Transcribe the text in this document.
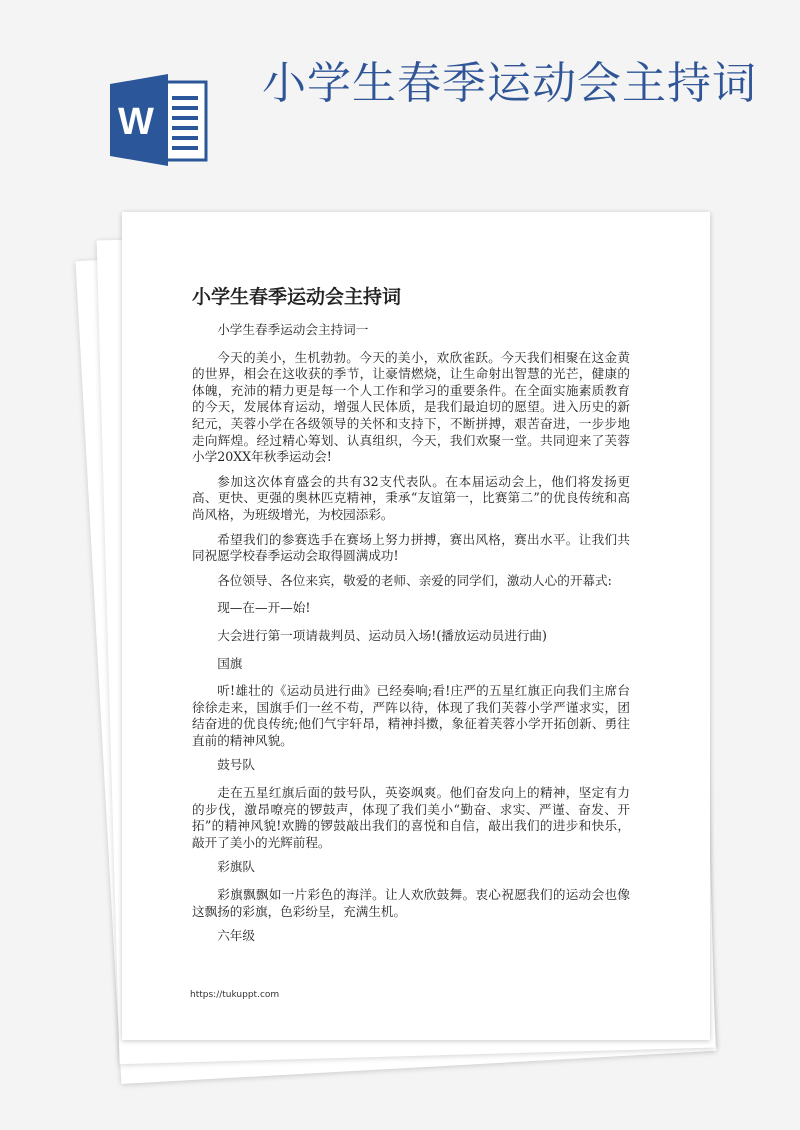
W
小学生春季运动会主持词
小学生春季运动会主持词

小学生春季运动会主持词一

今天的美小，生机勃勃。今天的美小，欢欣雀跃。今天我们相聚在这金黄的世界，相会在这收获的季节，让豪情燃烧，让生命射出智慧的光芒，健康的体魄，充沛的精力更是每一个人工作和学习的重要条件。在全面实施素质教育的今天，发展体育运动，增强人民体质，是我们最迫切的愿望。进入历史的新纪元，芙蓉小学在各级领导的关怀和支持下，不断拼搏，艰苦奋进，一步步地走向辉煌。经过精心筹划、认真组织，今天，我们欢聚一堂。共同迎来了芙蓉小学20XX年秋季运动会!

参加这次体育盛会的共有32支代表队。在本届运动会上，他们将发扬更高、更快、更强的奥林匹克精神，秉承“友谊第一，比赛第二”的优良传统和高尚风格，为班级增光，为校园添彩。

希望我们的参赛选手在赛场上努力拼搏，赛出风格，赛出水平。让我们共同祝愿学校春季运动会取得圆满成功!

各位领导、各位来宾，敬爱的老师、亲爱的同学们，激动人心的开幕式:

现—在—开—始!

大会进行第一项请裁判员、运动员入场!(播放运动员进行曲)

国旗

听!雄壮的《运动员进行曲》已经奏响;看!庄严的五星红旗正向我们主席台徐徐走来，国旗手们一丝不苟，严阵以待，体现了我们芙蓉小学严谨求实，团结奋进的优良传统;他们气宇轩昂，精神抖擞，象征着芙蓉小学开拓创新、勇往直前的精神风貌。

鼓号队

走在五星红旗后面的鼓号队，英姿飒爽。他们奋发向上的精神，坚定有力的步伐，激昂嘹亮的锣鼓声，体现了我们美小“勤奋、求实、严谨、奋发、开拓”的精神风貌!欢腾的锣鼓敲出我们的喜悦和自信，敲出我们的进步和快乐，敲开了美小的光辉前程。

彩旗队

彩旗飘飘如一片彩色的海洋。让人欢欣鼓舞。衷心祝愿我们的运动会也像这飘扬的彩旗，色彩纷呈，充满生机。

六年级

https://tukuppt.com
